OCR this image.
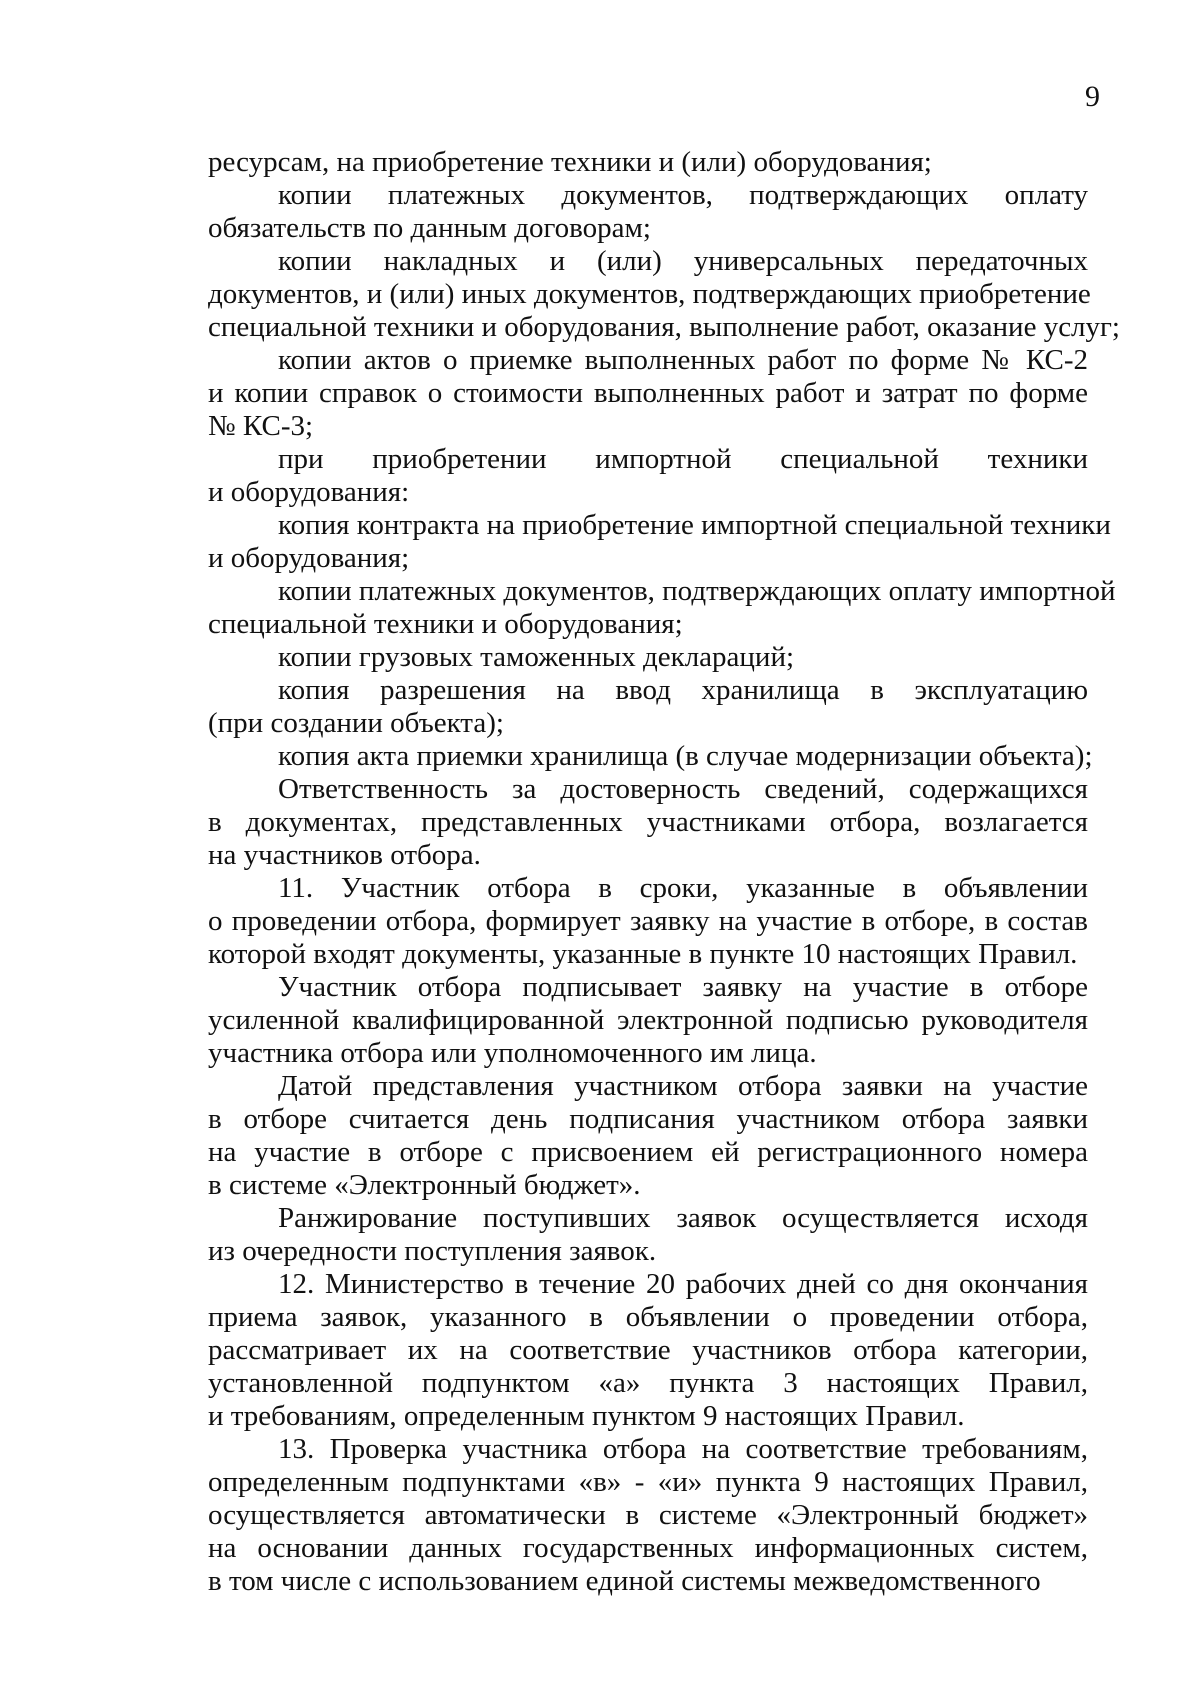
9
ресурсам, на приобретение техники и (или) оборудования;
копии платежных документов, подтверждающих оплату
обязательств по данным договорам;
копии накладных и (или) универсальных передаточных
документов, и (или) иных документов, подтверждающих приобретение
специальной техники и оборудования, выполнение работ, оказание услуг;
копии актов о приемке выполненных работ по форме № КС-2
и копии справок о стоимости выполненных работ и затрат по форме
№ КС-3;
при приобретении импортной специальной техники
и оборудования:
копия контракта на приобретение импортной специальной техники
и оборудования;
копии платежных документов, подтверждающих оплату импортной
специальной техники и оборудования;
копии грузовых таможенных деклараций;
копия разрешения на ввод хранилища в эксплуатацию
(при создании объекта);
копия акта приемки хранилища (в случае модернизации объекта);
Ответственность за достоверность сведений, содержащихся
в документах, представленных участниками отбора, возлагается
на участников отбора.
11. Участник отбора в сроки, указанные в объявлении
о проведении отбора, формирует заявку на участие в отборе, в состав
которой входят документы, указанные в пункте 10 настоящих Правил.
Участник отбора подписывает заявку на участие в отборе
усиленной квалифицированной электронной подписью руководителя
участника отбора или уполномоченного им лица.
Датой представления участником отбора заявки на участие
в отборе считается день подписания участником отбора заявки
на участие в отборе с присвоением ей регистрационного номера
в системе «Электронный бюджет».
Ранжирование поступивших заявок осуществляется исходя
из очередности поступления заявок.
12. Министерство в течение 20 рабочих дней со дня окончания
приема заявок, указанного в объявлении о проведении отбора,
рассматривает их на соответствие участников отбора категории,
установленной подпунктом «а» пункта 3 настоящих Правил,
и требованиям, определенным пунктом 9 настоящих Правил.
13. Проверка участника отбора на соответствие требованиям,
определенным подпунктами «в» - «и» пункта 9 настоящих Правил,
осуществляется автоматически в системе «Электронный бюджет»
на основании данных государственных информационных систем,
в том числе с использованием единой системы межведомственного
